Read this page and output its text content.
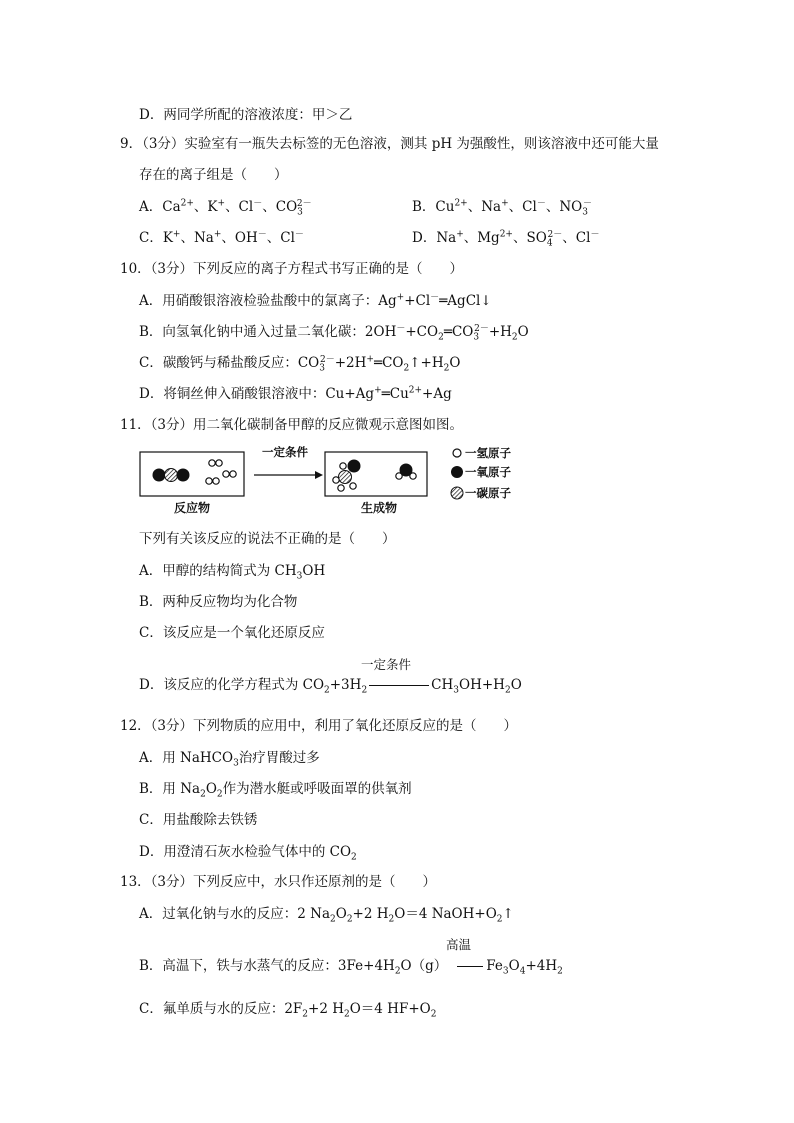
D．两同学所配的溶液浓度：甲＞乙
9．（3分）实验室有一瓶失去标签的无色溶液，测其 pH 为强酸性，则该溶液中还可能大量
存在的离子组是（　　）
A．$Ca^{2+}$、K+、Cl－、$CO_3^{2-}$	B．$Cu^{2+}$、Na+、Cl－、$NO_3^-$
C．K+、Na+、OH－、Cl－	D．Na+、$Mg^{2+}$、$SO_4^{2-}$、Cl－
10．（3分）下列反应的离子方程式书写正确的是（　　）
A．用硝酸银溶液检验盐酸中的氯离子：Ag++Cl－═AgCl↓
B．向氢氧化钠中通入过量二氧化碳：$2OH^-+CO_2═CO_3^{2-}+H_2O$
C．碳酸钙与稀盐酸反应：$CO_3^{2-}+2H^+═CO_2↑+H_2O$
D．将铜丝伸入硝酸银溶液中：$Cu+Ag^+═Cu^{2+}+Ag$
11．（3分）用二氧化碳制备甲醇的反应微观示意图如图。
一定条件
反应物	生成物
一氢原子
一氧原子
一碳原子
下列有关该反应的说法不正确的是（　　）
A．甲醇的结构简式为 $CH_3OH$
B．两种反应物均为化合物
C．该反应是一个氧化还原反应
一定条件
D．该反应的化学方程式为 $CO_2+3H_2$	$CH_3OH+H_2O$
12．（3分）下列物质的应用中，利用了氧化还原反应的是（　　）
A．用 NaHCO$_3$治疗胃酸过多
B．用 $Na_2O_2$作为潜水艇或呼吸面罩的供氧剂
C．用盐酸除去铁锈
D．用澄清石灰水检验气体中的 $CO_2$
13．（3分）下列反应中，水只作还原剂的是（　　）
A．过氧化钠与水的反应：2 $Na_2O_2+2$ $H_2O=4$ $NaOH+O_2↑$
高温
B．高温下，铁与水蒸气的反应：$3Fe+4H_2O(g)$	$Fe_3O_4+4H_2$
C．氟单质与水的反应：$2F_2+2$ $H_2O=4$ $HF+O_2$
